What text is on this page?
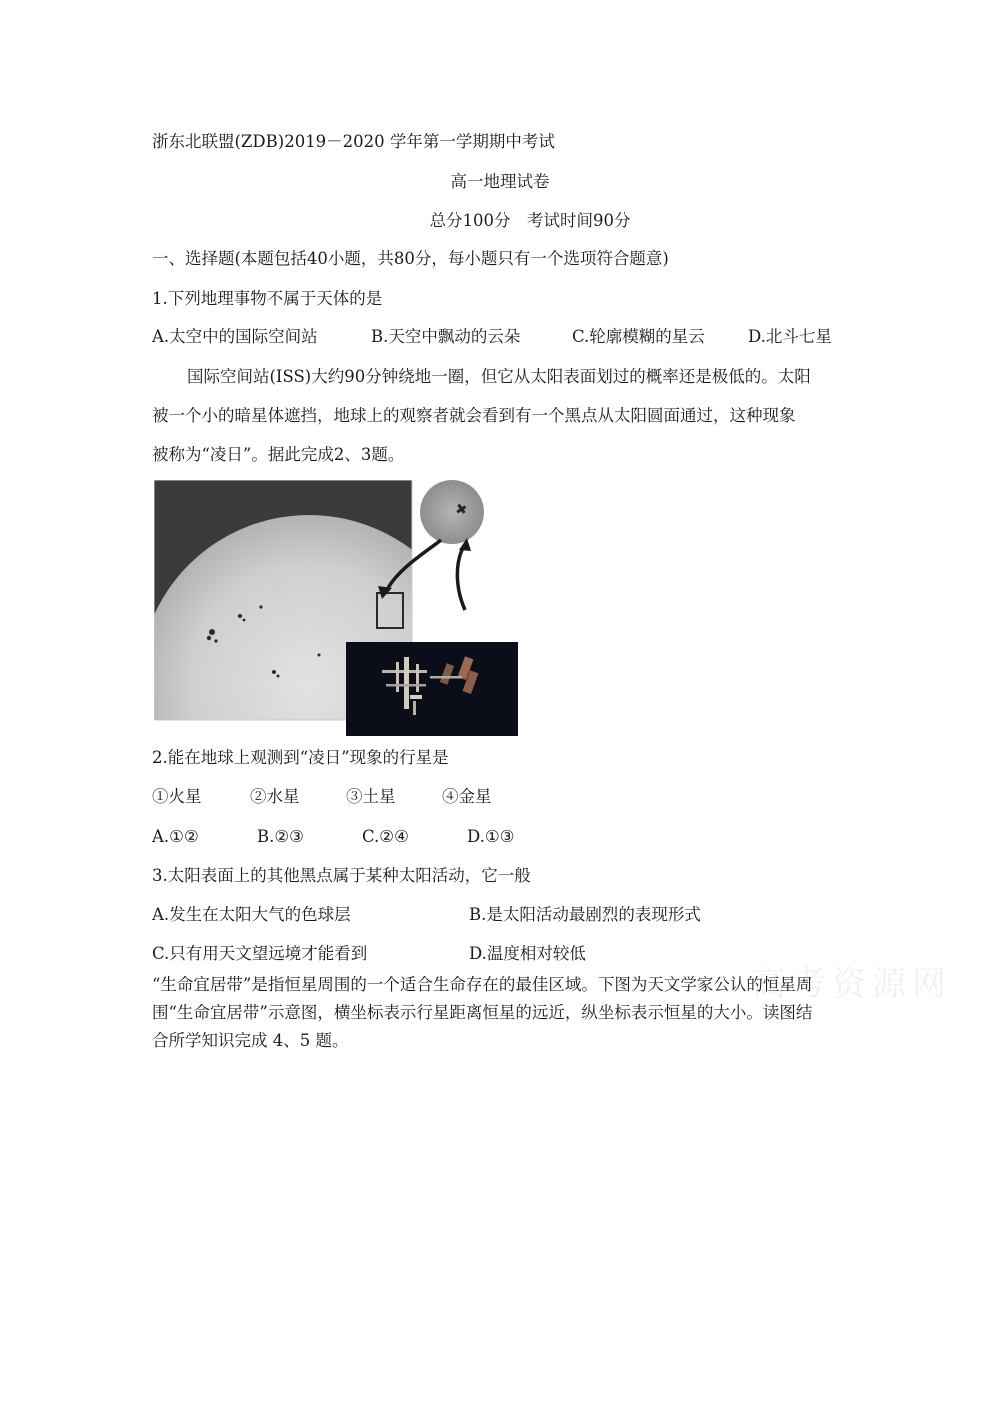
浙东北联盟(ZDB)2019－2020 学年第一学期期中考试
高一地理试卷
总分100分　考试时间90分
一、选择题(本题包括40小题，共80分，每小题只有一个选项符合题意)
1.下列地理事物不属于天体的是
A.太空中的国际空间站	B.天空中飘动的云朵	C.轮廓模糊的星云	D.北斗七星
国际空间站(ISS)大约90分钟绕地一圈，但它从太阳表面划过的概率还是极低的。太阳
被一个小的暗星体遮挡，地球上的观察者就会看到有一个黑点从太阳圆面通过，这种现象
被称为“凌日”。据此完成2、3题。
2.能在地球上观测到“凌日”现象的行星是
①火星	②水星	③土星	④金星
A.①②	B.②③	C.②④	D.①③
3.太阳表面上的其他黑点属于某种太阳活动，它一般
A.发生在太阳大气的色球层	B.是太阳活动最剧烈的表现形式
C.只有用天文望远境才能看到	D.温度相对较低
高考资源网
“生命宜居带”是指恒星周围的一个适合生命存在的最佳区域。下图为天文学家公认的恒星周
围“生命宜居带”示意图，横坐标表示行星距离恒星的远近，纵坐标表示恒星的大小。读图结
合所学知识完成 4、5 题。
